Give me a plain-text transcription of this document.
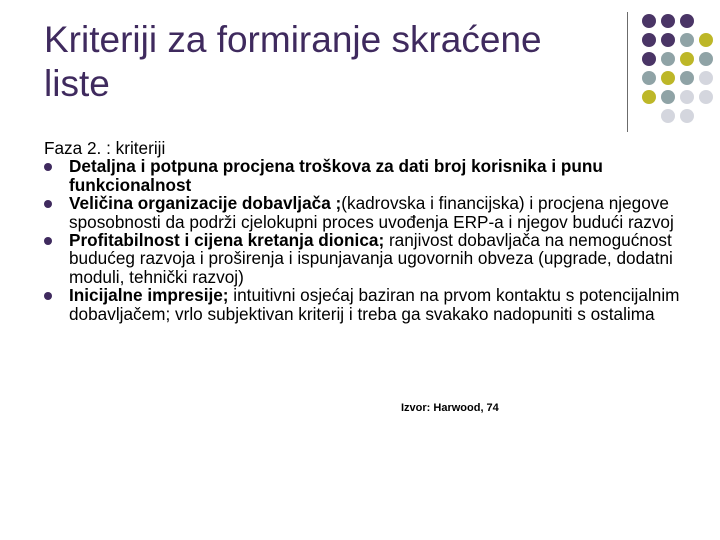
Kriteriji za formiranje skraćene liste

Faza 2. : kriteriji

Detaljna i potpuna procjena troškova za dati broj korisnika i punu funkcionalnost
Veličina organizacije dobavljača ;(kadrovska i financijska) i procjena njegove sposobnosti da podrži cjelokupni proces uvođenja ERP-a i njegov budući razvoj
Profitabilnost i cijena kretanja dionica; ranjivost dobavljača na nemogućnost budućeg razvoja i proširenja i ispunjavanja ugovornih obveza (upgrade, dodatni moduli, tehnički razvoj)
Inicijalne impresije; intuitivni osjećaj baziran na prvom kontaktu s potencijalnim dobavljačem; vrlo subjektivan kriterij i treba ga svakako nadopuniti s ostalima
Izvor: Harwood, 74
